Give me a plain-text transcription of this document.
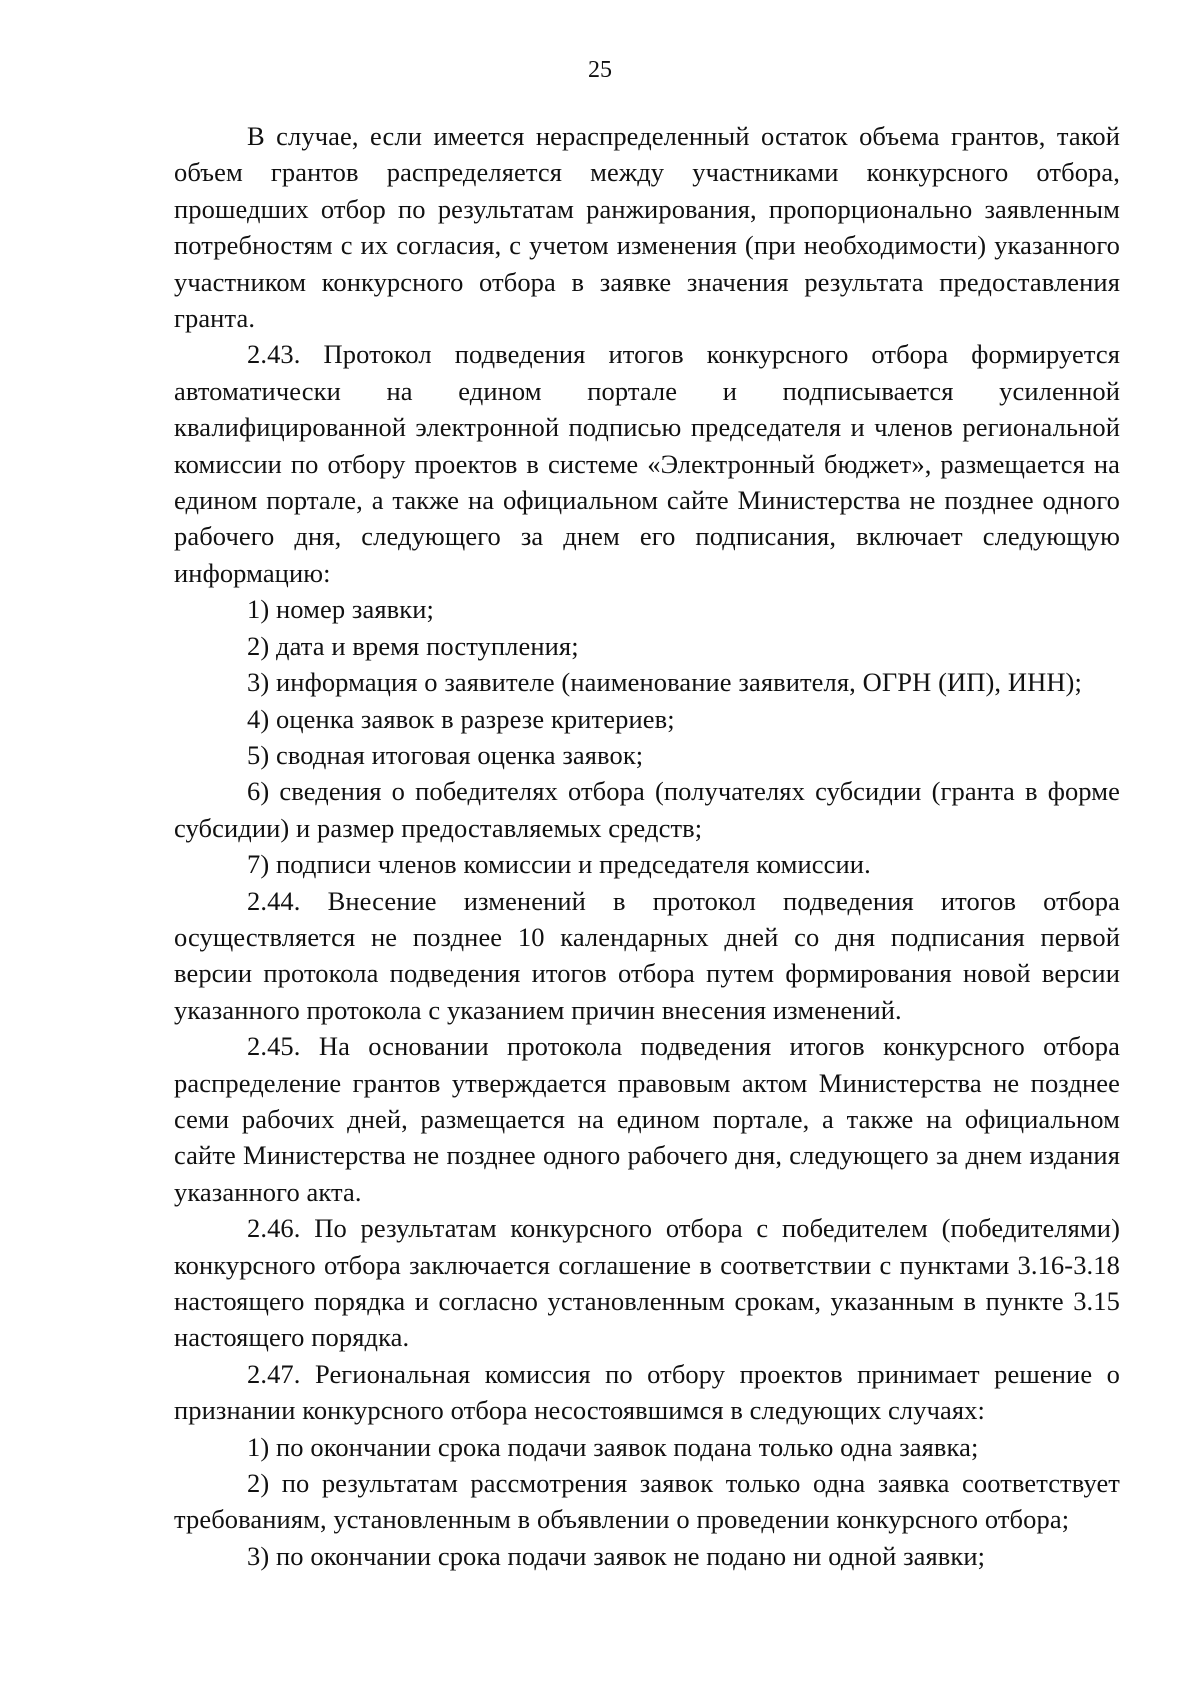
25

В случае, если имеется нераспределенный остаток объема грантов, такой объем грантов распределяется между участниками конкурсного отбора, прошедших отбор по результатам ранжирования, пропорционально заявленным потребностям с их согласия, с учетом изменения (при необходимости) указанного участником конкурсного отбора в заявке значения результата предоставления гранта.

2.43. Протокол подведения итогов конкурсного отбора формируется автоматически на едином портале и подписывается усиленной квалифицированной электронной подписью председателя и членов региональной комиссии по отбору проектов в системе «Электронный бюджет», размещается на едином портале, а также на официальном сайте Министерства не позднее одного рабочего дня, следующего за днем его подписания, включает следующую информацию:

1) номер заявки;

2) дата и время поступления;

3) информация о заявителе (наименование заявителя, ОГРН (ИП), ИНН);

4) оценка заявок в разрезе критериев;

5) сводная итоговая оценка заявок;

6) сведения о победителях отбора (получателях субсидии (гранта в форме субсидии) и размер предоставляемых средств;

7) подписи членов комиссии и председателя комиссии.

2.44. Внесение изменений в протокол подведения итогов отбора осуществляется не позднее 10 календарных дней со дня подписания первой версии протокола подведения итогов отбора путем формирования новой версии указанного протокола с указанием причин внесения изменений.

2.45. На основании протокола подведения итогов конкурсного отбора распределение грантов утверждается правовым актом Министерства не позднее семи рабочих дней, размещается на едином портале, а также на официальном сайте Министерства не позднее одного рабочего дня, следующего за днем издания указанного акта.

2.46. По результатам конкурсного отбора с победителем (победителями) конкурсного отбора заключается соглашение в соответствии с пунктами 3.16-3.18 настоящего порядка и согласно установленным срокам, указанным в пункте 3.15 настоящего порядка.

2.47. Региональная комиссия по отбору проектов принимает решение о признании конкурсного отбора несостоявшимся в следующих случаях:

1) по окончании срока подачи заявок подана только одна заявка;

2) по результатам рассмотрения заявок только одна заявка соответствует требованиям, установленным в объявлении о проведении конкурсного отбора;

3) по окончании срока подачи заявок не подано ни одной заявки;
